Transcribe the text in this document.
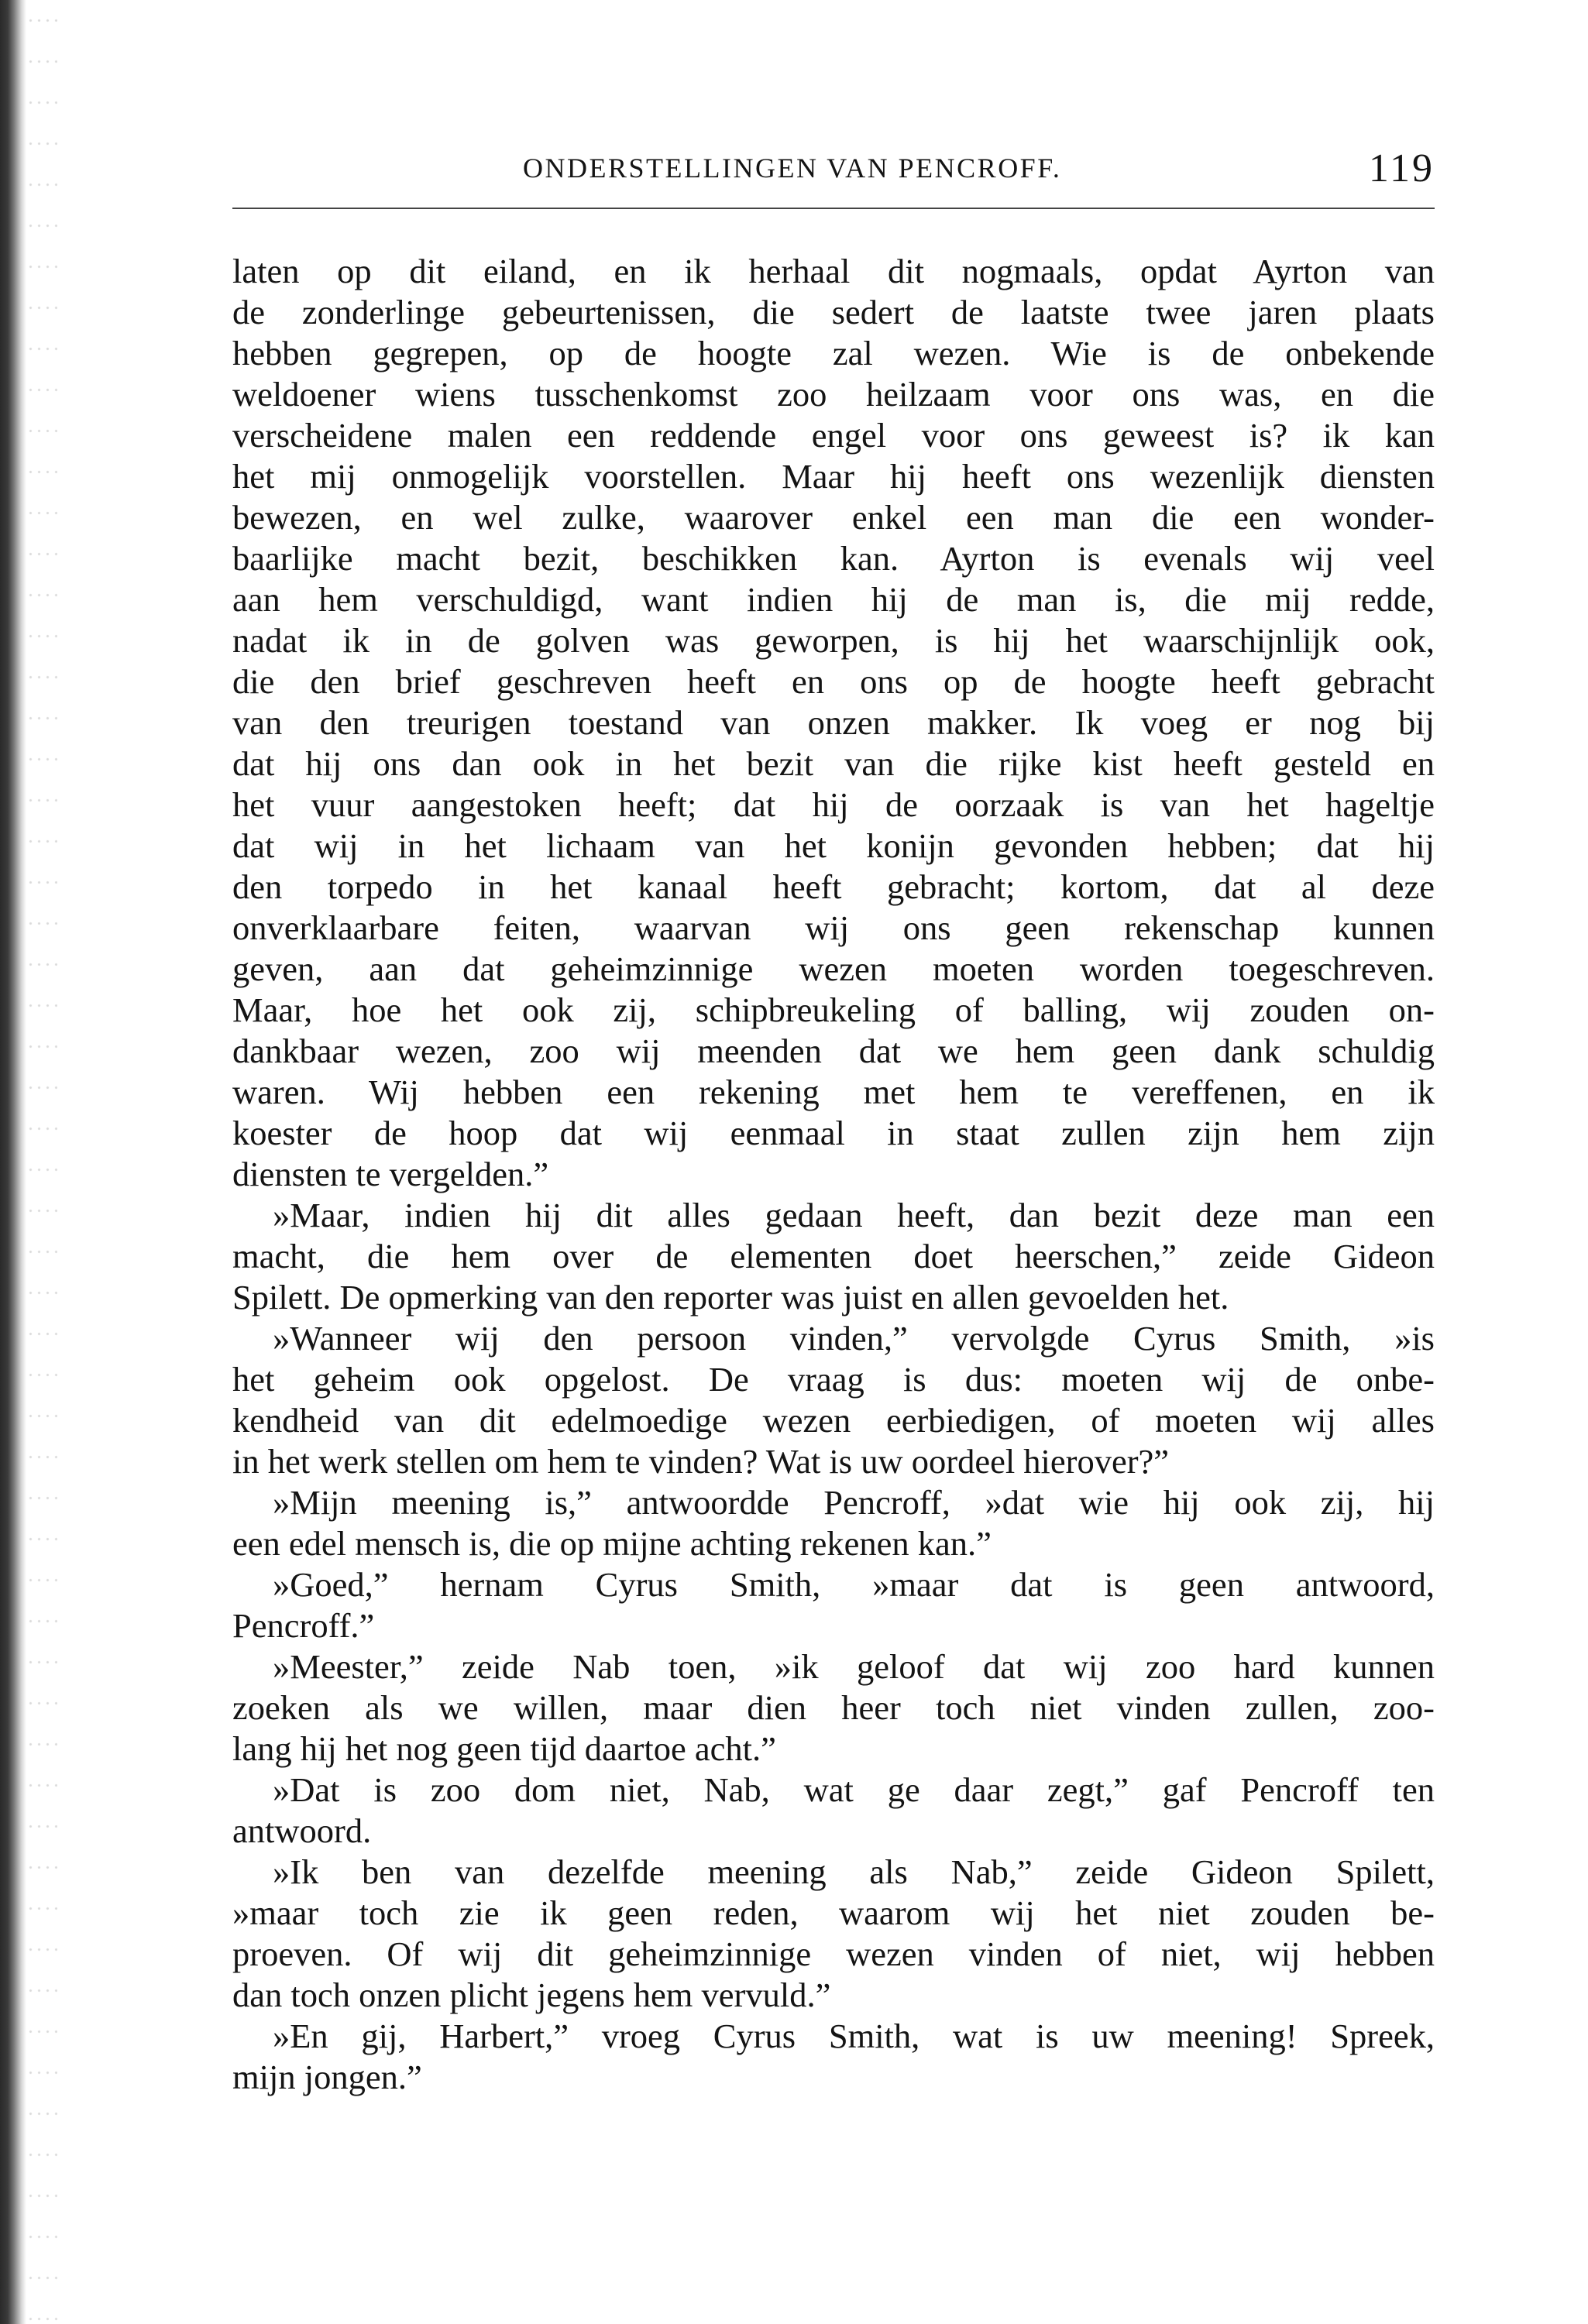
ONDERSTELLINGEN VAN PENCROFF.	119
laten op dit eiland, en ik herhaal dit nogmaals, opdat Ayrton van
de zonderlinge gebeurtenissen, die sedert de laatste twee jaren plaats
hebben gegrepen, op de hoogte zal wezen. Wie is de onbekende
weldoener wiens tusschenkomst zoo heilzaam voor ons was, en die
verscheidene malen een reddende engel voor ons geweest is? ik kan
het mij onmogelijk voorstellen. Maar hij heeft ons wezenlijk diensten
bewezen, en wel zulke, waarover enkel een man die een wonder-
baarlijke macht bezit, beschikken kan. Ayrton is evenals wij veel
aan hem verschuldigd, want indien hij de man is, die mij redde,
nadat ik in de golven was geworpen, is hij het waarschijnlijk ook,
die den brief geschreven heeft en ons op de hoogte heeft gebracht
van den treurigen toestand van onzen makker. Ik voeg er nog bij
dat hij ons dan ook in het bezit van die rijke kist heeft gesteld en
het vuur aangestoken heeft; dat hij de oorzaak is van het hageltje
dat wij in het lichaam van het konijn gevonden hebben; dat hij
den torpedo in het kanaal heeft gebracht; kortom, dat al deze
onverklaarbare feiten, waarvan wij ons geen rekenschap kunnen
geven, aan dat geheimzinnige wezen moeten worden toegeschreven.
Maar, hoe het ook zij, schipbreukeling of balling, wij zouden on-
dankbaar wezen, zoo wij meenden dat we hem geen dank schuldig
waren. Wij hebben een rekening met hem te vereffenen, en ik
koester de hoop dat wij eenmaal in staat zullen zijn hem zijn
diensten te vergelden.”
»Maar, indien hij dit alles gedaan heeft, dan bezit deze man een
macht, die hem over de elementen doet heerschen,” zeide Gideon
Spilett. De opmerking van den reporter was juist en allen gevoelden het.
»Wanneer wij den persoon vinden,” vervolgde Cyrus Smith, »is
het geheim ook opgelost. De vraag is dus: moeten wij de onbe-
kendheid van dit edelmoedige wezen eerbiedigen, of moeten wij alles
in het werk stellen om hem te vinden? Wat is uw oordeel hierover?”
»Mijn meening is,” antwoordde Pencroff, »dat wie hij ook zij, hij
een edel mensch is, die op mijne achting rekenen kan.”
»Goed,” hernam Cyrus Smith, »maar dat is geen antwoord,
Pencroff.”
»Meester,” zeide Nab toen, »ik geloof dat wij zoo hard kunnen
zoeken als we willen, maar dien heer toch niet vinden zullen, zoo-
lang hij het nog geen tijd daartoe acht.”
»Dat is zoo dom niet, Nab, wat ge daar zegt,” gaf Pencroff ten
antwoord.
»Ik ben van dezelfde meening als Nab,” zeide Gideon Spilett,
»maar toch zie ik geen reden, waarom wij het niet zouden be-
proeven. Of wij dit geheimzinnige wezen vinden of niet, wij hebben
dan toch onzen plicht jegens hem vervuld.”
»En gij, Harbert,” vroeg Cyrus Smith, wat is uw meening! Spreek,
mijn jongen.”
